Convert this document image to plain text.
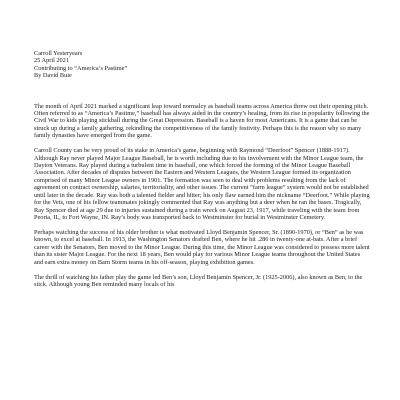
Carroll Yesteryears
25 April 2021
Contributing to “America’s Pastime”
By David Buie

The month of April 2021 marked a significant leap toward normalcy as baseball teams across America threw out their opening pitch. Often referred to as “America’s Pastime,” baseball has always aided in the country’s healing, from its rise in popularity following the Civil War to kids playing stickball during the Great Depression. Baseball is a haven for most Americans. It is a game that can be struck up during a family gathering, rekindling the competitiveness of the family festivity. Perhaps this is the reason why so many family dynasties have emerged from the game.

Carroll County can be very proud of its stake in America’s game, beginning with Raymond “Deerfoot” Spencer (1888-1917). Although Ray never played Major League Baseball, he is worth including due to his involvement with the Minor League team, the Dayton Veterans. Ray played during a turbulent time in baseball, one which forced the forming of the Minor League Baseball Association. After decades of disputes between the Eastern and Western Leagues, the Western League formed its organization comprised of many Minor League owners in 1901. The formation was seen to deal with problems resulting from the lack of agreement on contract ownership, salaries, territoriality, and other issues. The current “farm league” system would not be established until later in the decade. Ray was both a talented fielder and hitter; his only flaw earned him the nickname “Deerfoot.” While playing for the Vets, one of his fellow teammates jokingly commented that Ray was anything but a deer when he ran the bases. Tragically, Ray Spencer died at age 29 due to injuries sustained during a train wreck on August 23, 1917, while traveling with the team from Peoria, IL, to Fort Wayne, IN. Ray’s body was transported back to Westminster for burial in Westminster Cemetery.

Perhaps watching the success of his older brother is what motivated Lloyd Benjamin Spencer, Sr. (1890-1970), or “Ben” as he was known, to excel at baseball. In 1913, the Washington Senators drafted Ben, where he hit .286 in twenty-one at-bats. After a brief career with the Senators, Ben moved to the Minor League. During this time, the Minor League was considered to possess more talent than its sister Major League. For the next 18 years, Ben would play for various Minor League teams throughout the United States and earn extra money on Barn Storm teams in his off-season, playing exhibition games.

The thrill of watching his father play the game led Ben’s son, Lloyd Benjamin Spencer, Jr. (1925-2006), also known as Ben, to the stick. Although young Ben reminded many locals of his
